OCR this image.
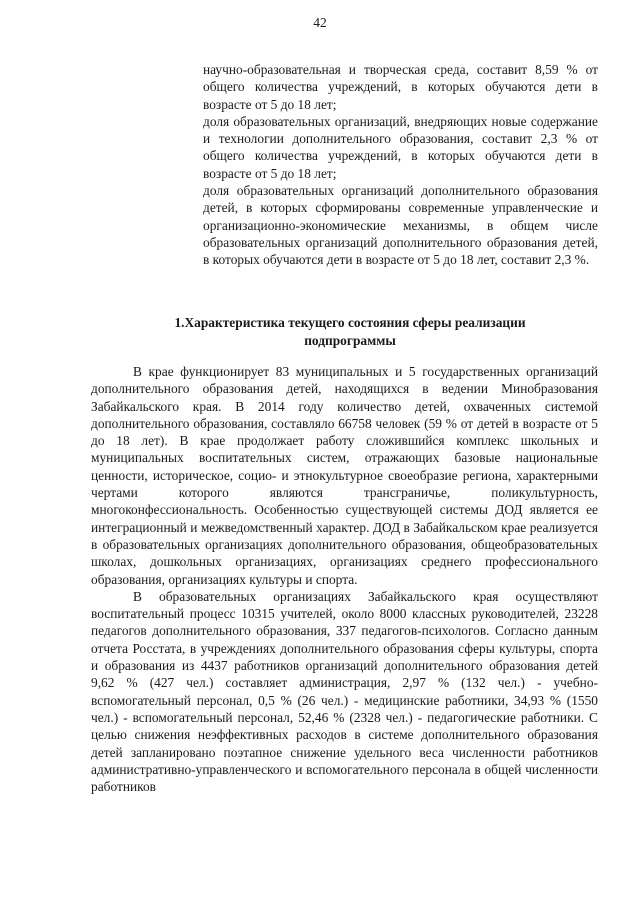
42

научно-образовательная и творческая среда, составит 8,59 % от общего количества учреждений, в которых обучаются дети в возрасте от 5 до 18 лет;

доля образовательных организаций, внедряющих новые содержание и технологии дополнительного образования, составит 2,3 % от общего количества учреждений, в которых обучаются дети в возрасте от 5 до 18 лет;

доля образовательных организаций дополнительного образования детей, в которых сформированы современные управленческие и организационно-экономические механизмы, в общем числе образовательных организаций дополнительного образования детей, в которых обучаются дети в возрасте от 5 до 18 лет, составит 2,3 %.

1.Характеристика текущего состояния сферы реализации подпрограммы

В крае функционирует 83 муниципальных и 5 государственных организаций дополнительного образования детей, находящихся в ведении Минобразования Забайкальского края. В 2014 году количество детей, охваченных системой дополнительного образования, составляло 66758 человек (59 % от детей в возрасте от 5 до 18 лет). В крае продолжает работу сложившийся комплекс школьных и муниципальных воспитательных систем, отражающих базовые национальные ценности, историческое, социо- и этнокультурное своеобразие региона, характерными чертами которого являются трансграничье, поликультурность, многоконфессиональность. Особенностью существующей системы ДОД является ее интеграционный и межведомственный характер. ДОД в Забайкальском крае реализуется в образовательных организациях дополнительного образования, общеобразовательных школах, дошкольных организациях, организациях среднего профессионального образования, организациях культуры и спорта.

В образовательных организациях Забайкальского края осуществляют воспитательный процесс 10315 учителей, около 8000 классных руководителей, 23228 педагогов дополнительного образования, 337 педагогов-психологов. Согласно данным отчета Росстата, в учреждениях дополнительного образования сферы культуры, спорта и образования из 4437 работников организаций дополнительного образования детей 9,62 % (427 чел.) составляет администрация, 2,97 % (132 чел.) - учебно-вспомогательный персонал, 0,5 % (26 чел.) - медицинские работники, 34,93 % (1550 чел.) - вспомогательный персонал, 52,46 % (2328 чел.) - педагогические работники. С целью снижения неэффективных расходов в системе дополнительного образования детей запланировано поэтапное снижение удельного веса численности работников административно-управленческого и вспомогательного персонала в общей численности работников
